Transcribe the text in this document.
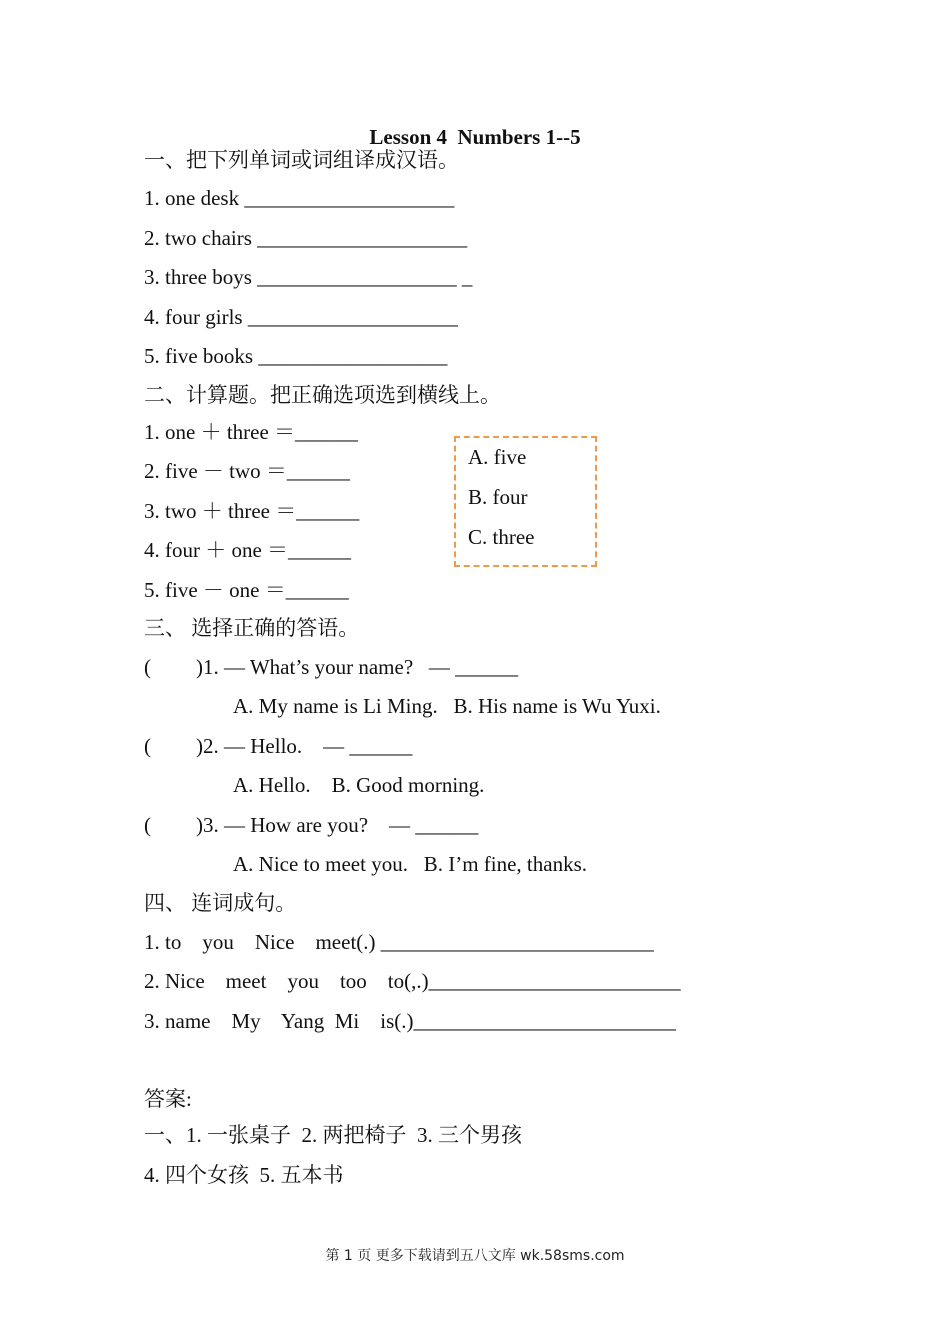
Lesson 4  Numbers 1--5
一、把下列单词或词组译成汉语。
1. one desk ____________________
2. two chairs ____________________
3. three boys ___________________ _
4. four girls ____________________
5. five books __________________
二、计算题。把正确选项选到横线上。
1. one ＋ three ＝______
2. five － two ＝______
3. two ＋ three ＝______
4. four ＋ one ＝______
5. five － one ＝______
A. five
B. four
C. three
三、 选择正确的答语。
( )1. — What’s your name?   — ______
A. My name is Li Ming.   B. His name is Wu Yuxi.
( )2. — Hello.    — ______
A. Hello.    B. Good morning.
( )3. — How are you?    — ______
A. Nice to meet you.   B. I’m fine, thanks.
四、 连词成句。
1. to    you    Nice    meet(.) __________________________
2. Nice    meet    you    too    to(,.)________________________
3. name    My    Yang  Mi    is(.)_________________________
答案:
一、1. 一张桌子  2. 两把椅子  3. 三个男孩
4. 四个女孩  5. 五本书
第 1 页 更多下载请到五八文库 wk.58sms.com
